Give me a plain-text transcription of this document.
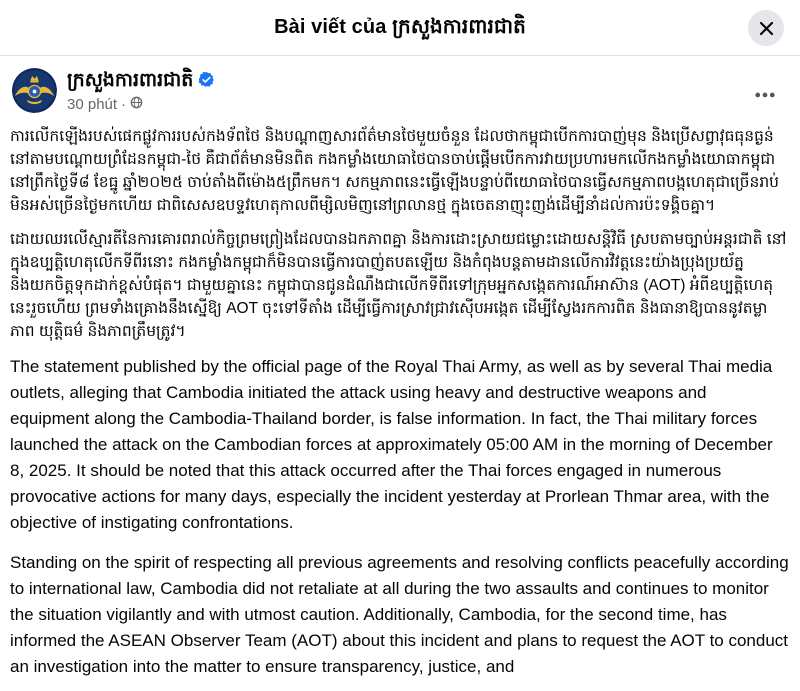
Bài viết của ក្រសួងការពារជាតិ
ក្រសួងការពារជាតិ
30 phút ·

ការលើកឡើងរបស់ផេកផ្លូវការរបស់កងទ័ពថៃ និងបណ្ដាញសារព័ត៌មានថៃមួយចំនួន ដែលថាកម្ពុជាបើកការបាញ់មុន និងប្រើសព្វាវុធធុនធ្ងន់នៅតាមបណ្ដោយព្រំដែនកម្ពុជា-ថៃ គឺជាព័ត៌មានមិនពិត កងកម្លាំងយោធាថៃបានចាប់ផ្ដើមបើកការវាយប្រហារមកលើកងកម្លាំងយោធាកម្ពុជា នៅព្រឹកថ្ងៃទី៨ ខែធ្នូ ឆ្នាំ២០២៥ ចាប់តាំងពីម៉ោង៥ព្រឹកមក។ សកម្មភាពនេះធ្វើឡើងបន្ទាប់ពីយោធាថៃបានធ្វើសកម្មភាពបង្កហេតុជាច្រើនរាប់មិនអស់ច្រើនថ្ងៃមកហើយ ជាពិសេសឧបទ្ទវហេតុកាលពីម្សិលមិញនៅព្រលានថ្ម ក្នុងចេតនាញុះញង់ដើម្បីនាំដល់ការប៉ះទង្គិចគ្នា។

ដោយឈរលើស្មារតីនៃការគោរពរាល់កិច្ចព្រមព្រៀងដែលបានឯកភាពគ្នា និងការដោះស្រាយជម្លោះដោយសន្តិវិធី ស្របតាមច្បាប់អន្តរជាតិ នៅក្នុងឧប្បត្តិហេតុលើកទីពីរនោះ កងកម្លាំងកម្ពុជាក៏មិនបានធ្វើការបាញ់តបតឡើយ និងកំពុងបន្តតាមដានលើការវិវត្តនេះយ៉ាងប្រុងប្រយ័ត្ន និងយកចិត្តទុកដាក់ខ្ពស់បំផុត។ ជាមួយគ្នានេះ កម្ពុជាបានជូនដំណឹងជាលើកទីពីរទៅក្រុមអ្នកសង្កេតការណ៍អាស៊ាន (AOT) អំពីឧប្បត្តិហេតុនេះរួចហើយ ព្រមទាំងគ្រោងនឹងស្នើឱ្យ AOT ចុះទៅទីតាំង ដើម្បីធ្វើការស្រាវជ្រាវស៊ើបអង្កេត ដើម្បីស្វែងរកការពិត និងធានាឱ្យបាននូវតម្លាភាព យុត្តិធម៌ និងភាពត្រឹមត្រូវ។

The statement published by the official page of the Royal Thai Army, as well as by several Thai media outlets, alleging that Cambodia initiated the attack using heavy and destructive weapons and equipment along the Cambodia-Thailand border, is false information. In fact, the Thai military forces launched the attack on the Cambodian forces at approximately 05:00 AM in the morning of December 8, 2025. It should be noted that this attack occurred after the Thai forces engaged in numerous provocative actions for many days, especially the incident yesterday at Prorlean Thmar area, with the objective of instigating confrontations.

Standing on the spirit of respecting all previous agreements and resolving conflicts peacefully according to international law, Cambodia did not retaliate at all during the two assaults and continues to monitor the situation vigilantly and with utmost caution. Additionally, Cambodia, for the second time, has informed the ASEAN Observer Team (AOT) about this incident and plans to request the AOT to conduct an investigation into the matter to ensure transparency, justice, and
